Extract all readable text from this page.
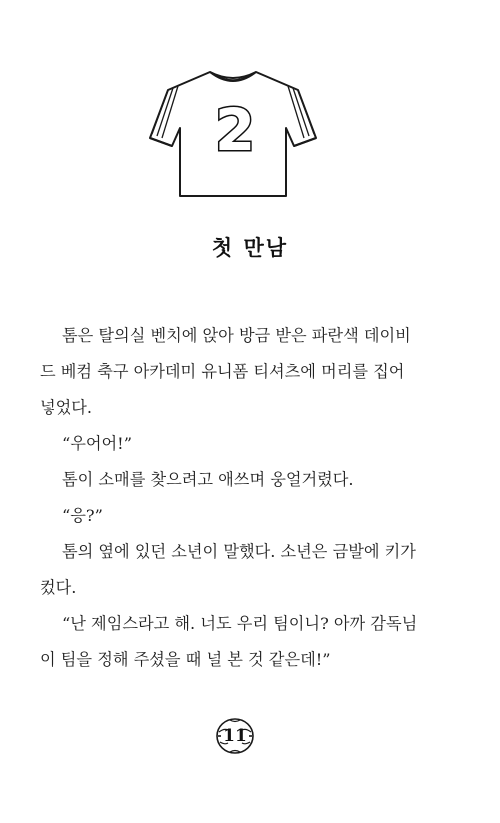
2
첫 만남
톰은 탈의실 벤치에 앉아 방금 받은 파란색 데이비
드 베컴 축구 아카데미 유니폼 티셔츠에 머리를 집어
넣었다.
“우어어!”
톰이 소매를 찾으려고 애쓰며 웅얼거렸다.
“응?”
톰의 옆에 있던 소년이 말했다. 소년은 금발에 키가
컸다.
“난 제임스라고 해. 너도 우리 팀이니? 아까 감독님
이 팀을 정해 주셨을 때 널 본 것 같은데!”
11
